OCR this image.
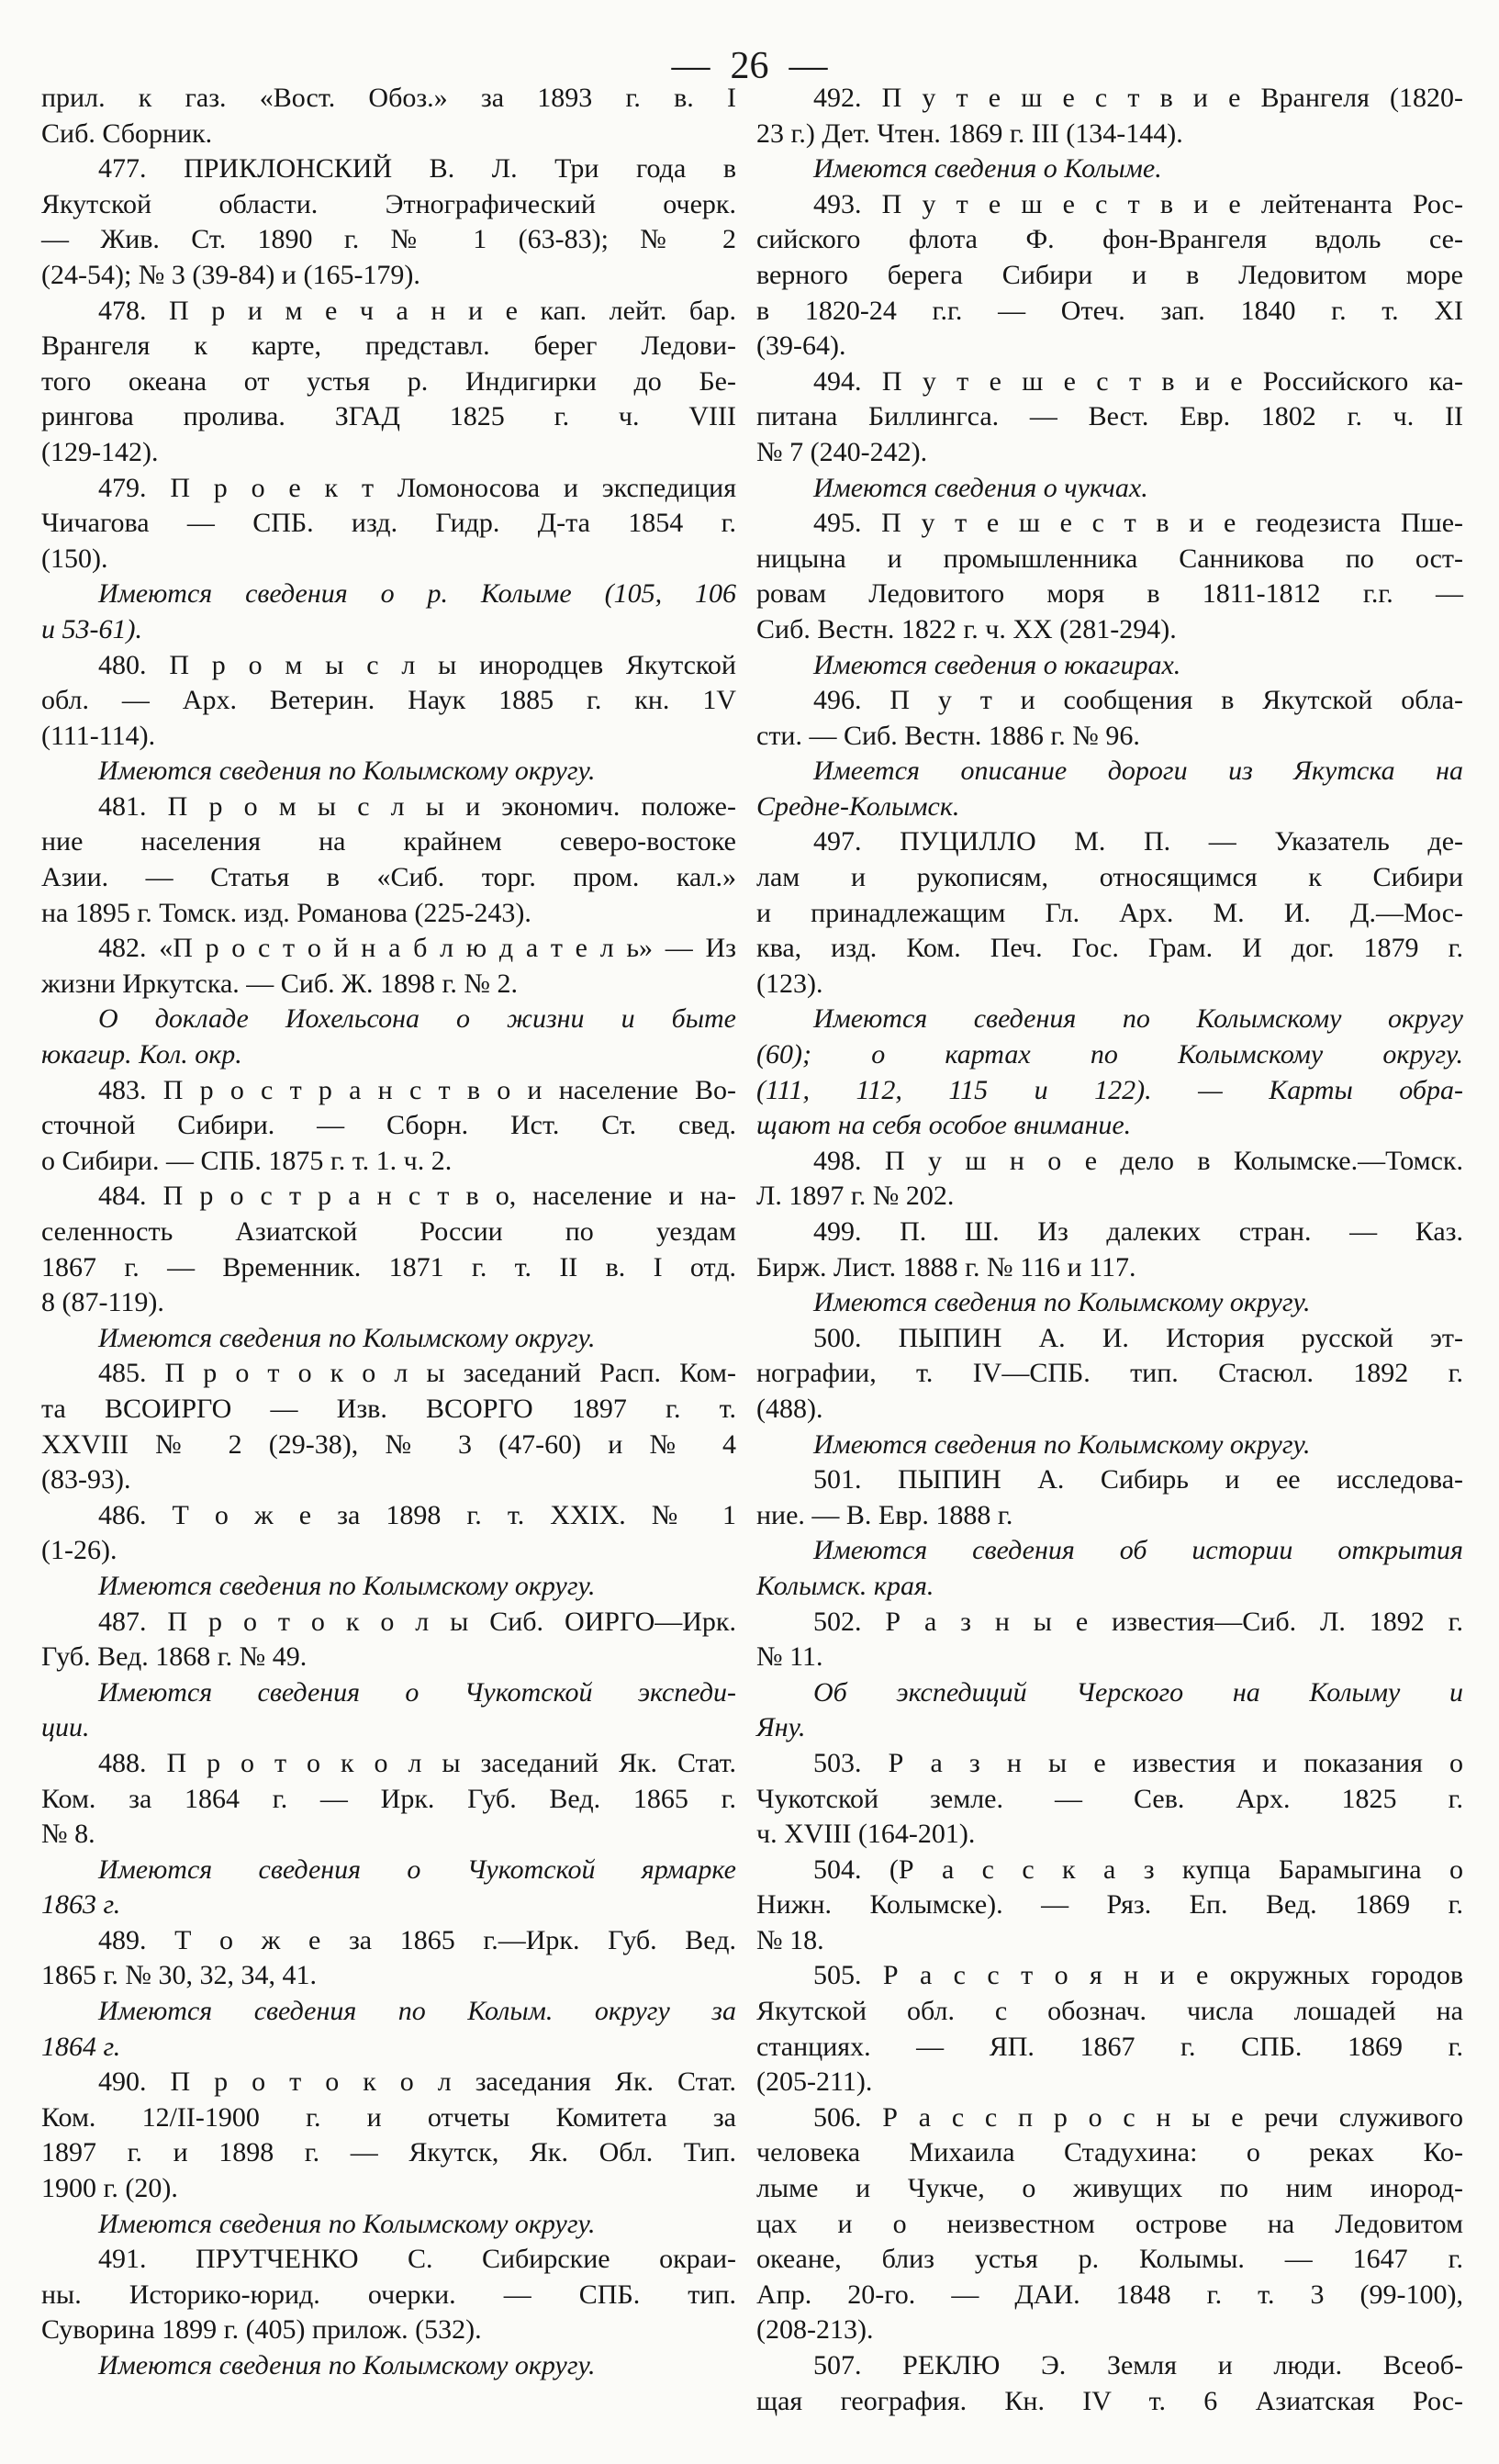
— 26 —
прил. к газ. «Вост. Обоз.» за 1893 г. в. I
Сиб. Сборник.
477. ПРИКЛОНСКИЙ В. Л. Три года в
Якутской области. Этнографический очерк.
— Жив. Ст. 1890 г. № 1 (63-83); № 2
(24-54); № 3 (39-84) и (165-179).
478. П р и м е ч а н и е кап. лейт. бар.
Врангеля к карте, представл. берег Ледови-
того океана от устья р. Индигирки до Бе-
рингова пролива. ЗГАД 1825 г. ч. VIII
(129-142).
479. П р о е к т Ломоносова и экспедиция
Чичагова — СПБ. изд. Гидр. Д-та 1854 г.
(150).
Имеются сведения о р. Колыме (105, 106
и 53-61).
480. П р о м ы с л ы инородцев Якутской
обл. — Арх. Ветерин. Наук 1885 г. кн. 1V
(111-114).
Имеются сведения по Колымскому округу.
481. П р о м ы с л ы и экономич. положе-
ние населения на крайнем северо-востоке
Азии. — Статья в «Сиб. торг. пром. кал.»
на 1895 г. Томск. изд. Романова (225-243).
482. «П р о с т о й н а б л ю д а т е л ь» — Из
жизни Иркутска. — Сиб. Ж. 1898 г. № 2.
О докладе Иохельсона о жизни и быте
юкагир. Кол. окр.
483. П р о с т р а н с т в о и население Во-
сточной Сибири. — Сборн. Ист. Ст. свед.
о Сибири. — СПБ. 1875 г. т. 1. ч. 2.
484. П р о с т р а н с т в о, население и на-
селенность Азиатской России по уездам
1867 г. — Временник. 1871 г. т. II в. I отд.
8 (87-119).
Имеются сведения по Колымскому округу.
485. П р о т о к о л ы заседаний Расп. Ком-
та ВСОИРГО — Изв. ВСОРГО 1897 г. т.
XXVIII № 2 (29-38), № 3 (47-60) и № 4
(83-93).
486. Т о ж е за 1898 г. т. XXIX. № 1
(1-26).
Имеются сведения по Колымскому округу.
487. П р о т о к о л ы Сиб. ОИРГО—Ирк.
Губ. Вед. 1868 г. № 49.
Имеются сведения о Чукотской экспеди-
ции.
488. П р о т о к о л ы заседаний Як. Стат.
Ком. за 1864 г. — Ирк. Губ. Вед. 1865 г.
№ 8.
Имеются сведения о Чукотской ярмарке
1863 г.
489. Т о ж е за 1865 г.—Ирк. Губ. Вед.
1865 г. № 30, 32, 34, 41.
Имеются сведения по Колым. округу за
1864 г.
490. П р о т о к о л заседания Як. Стат.
Ком. 12/II-1900 г. и отчеты Комитета за
1897 г. и 1898 г. — Якутск, Як. Обл. Тип.
1900 г. (20).
Имеются сведения по Колымскому округу.
491. ПРУТЧЕНКО С. Сибирские окраи-
ны. Историко-юрид. очерки. — СПБ. тип.
Суворина 1899 г. (405) прилож. (532).
Имеются сведения по Колымскому округу.
492. П у т е ш е с т в и е Врангеля (1820-
23 г.) Дет. Чтен. 1869 г. III (134-144).
Имеются сведения о Колыме.
493. П у т е ш е с т в и е лейтенанта Рос-
сийского флота Ф. фон-Врангеля вдоль се-
верного берега Сибири и в Ледовитом море
в 1820-24 г.г. — Отеч. зап. 1840 г. т. XI
(39-64).
494. П у т е ш е с т в и е Российского ка-
питана Биллингса. — Вест. Евр. 1802 г. ч. II
№ 7 (240-242).
Имеются сведения о чукчах.
495. П у т е ш е с т в и е геодезиста Пше-
ницына и промышленника Санникова по ост-
ровам Ледовитого моря в 1811-1812 г.г. —
Сиб. Вестн. 1822 г. ч. XX (281-294).
Имеются сведения о юкагирах.
496. П у т и сообщения в Якутской обла-
сти. — Сиб. Вестн. 1886 г. № 96.
Имеется описание дороги из Якутска на
Средне-Колымск.
497. ПУЦИЛЛО М. П. — Указатель де-
лам и рукописям, относящимся к Сибири
и принадлежащим Гл. Арх. М. И. Д.—Мос-
ква, изд. Ком. Печ. Гос. Грам. И дог. 1879 г.
(123).
Имеются сведения по Колымскому округу
(60); о картах по Колымскому округу.
(111, 112, 115 и 122). — Карты обра-
щают на себя особое внимание.
498. П у ш н о е дело в Колымске.—Томск.
Л. 1897 г. № 202.
499. П. Ш. Из далеких стран. — Каз.
Бирж. Лист. 1888 г. № 116 и 117.
Имеются сведения по Колымскому округу.
500. ПЫПИН А. И. История русской эт-
нографии, т. IV—СПБ. тип. Стасюл. 1892 г.
(488).
Имеются сведения по Колымскому округу.
501. ПЫПИН А. Сибирь и ее исследова-
ние. — В. Евр. 1888 г.
Имеются сведения об истории открытия
Колымск. края.
502. Р а з н ы е известия—Сиб. Л. 1892 г.
№ 11.
Об экспедиций Черского на Колыму и
Яну.
503. Р а з н ы е известия и показания о
Чукотской земле. — Сев. Арх. 1825 г.
ч. XVIII (164-201).
504. (Р а с с к а з купца Барамыгина о
Нижн. Колымске). — Ряз. Еп. Вед. 1869 г.
№ 18.
505. Р а с с т о я н и е окружных городов
Якутской обл. с обознач. числа лошадей на
станциях. — ЯП. 1867 г. СПБ. 1869 г.
(205-211).
506. Р а с с п р о с н ы е речи служивого
человека Михаила Стадухина: о реках Ко-
лыме и Чукче, о живущих по ним инород-
цах и о неизвестном острове на Ледовитом
океане, близ устья р. Колымы. — 1647 г.
Апр. 20-го. — ДАИ. 1848 г. т. 3 (99-100),
(208-213).
507. РЕКЛЮ Э. Земля и люди. Всеоб-
щая география. Кн. IV т. 6 Азиатская Рос-
